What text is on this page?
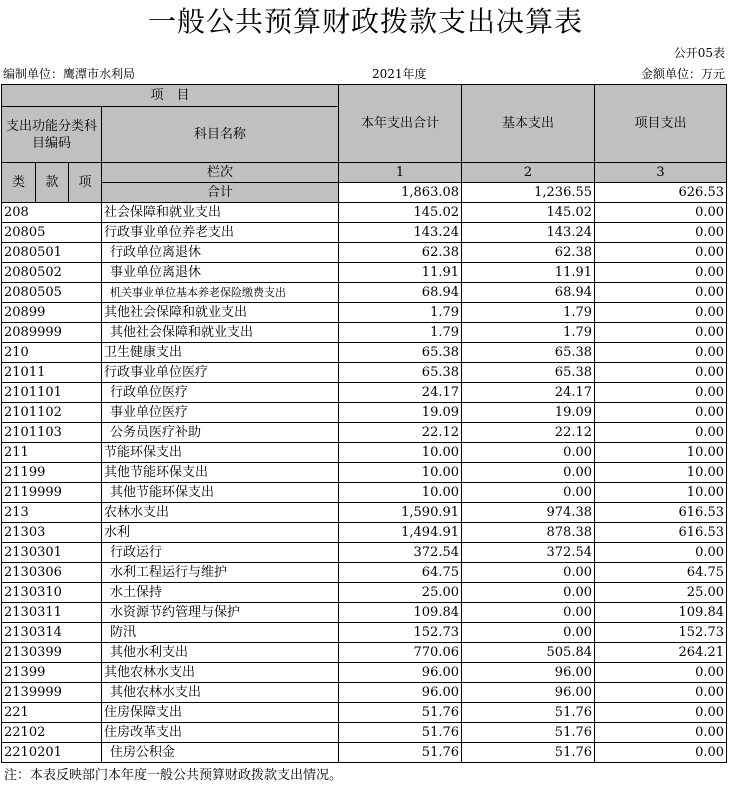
一般公共预算财政拨款支出决算表
公开05表
编制单位：鹰潭市水利局	2021年度	金额单位：万元
项　目				本年支出合计	基本支出	项目支出
支出功能分类科目编码			科目名称			

类	款	项	栏次	1	2	3
			合计	1,863.08	1,236.55	626.53
208			社会保障和就业支出	145.02	145.02	0.00
20805			行政事业单位养老支出	143.24	143.24	0.00
2080501			行政单位离退休	62.38	62.38	0.00
2080502			事业单位离退休	11.91	11.91	0.00
2080505			机关事业单位基本养老保险缴费支出	68.94	68.94	0.00
20899			其他社会保障和就业支出	1.79	1.79	0.00
2089999			其他社会保障和就业支出	1.79	1.79	0.00
210			卫生健康支出	65.38	65.38	0.00
21011			行政事业单位医疗	65.38	65.38	0.00
2101101			行政单位医疗	24.17	24.17	0.00
2101102			事业单位医疗	19.09	19.09	0.00
2101103			公务员医疗补助	22.12	22.12	0.00
211			节能环保支出	10.00	0.00	10.00
21199			其他节能环保支出	10.00	0.00	10.00
2119999			其他节能环保支出	10.00	0.00	10.00
213			农林水支出	1,590.91	974.38	616.53
21303			水利	1,494.91	878.38	616.53
2130301			行政运行	372.54	372.54	0.00
2130306			水利工程运行与维护	64.75	0.00	64.75
2130310			水土保持	25.00	0.00	25.00
2130311			水资源节约管理与保护	109.84	0.00	109.84
2130314			防汛	152.73	0.00	152.73
2130399			其他水利支出	770.06	505.84	264.21
21399			其他农林水支出	96.00	96.00	0.00
2139999			其他农林水支出	96.00	96.00	0.00
221			住房保障支出	51.76	51.76	0.00
22102			住房改革支出	51.76	51.76	0.00
2210201			住房公积金	51.76	51.76	0.00
注：本表反映部门本年度一般公共预算财政拨款支出情况。
